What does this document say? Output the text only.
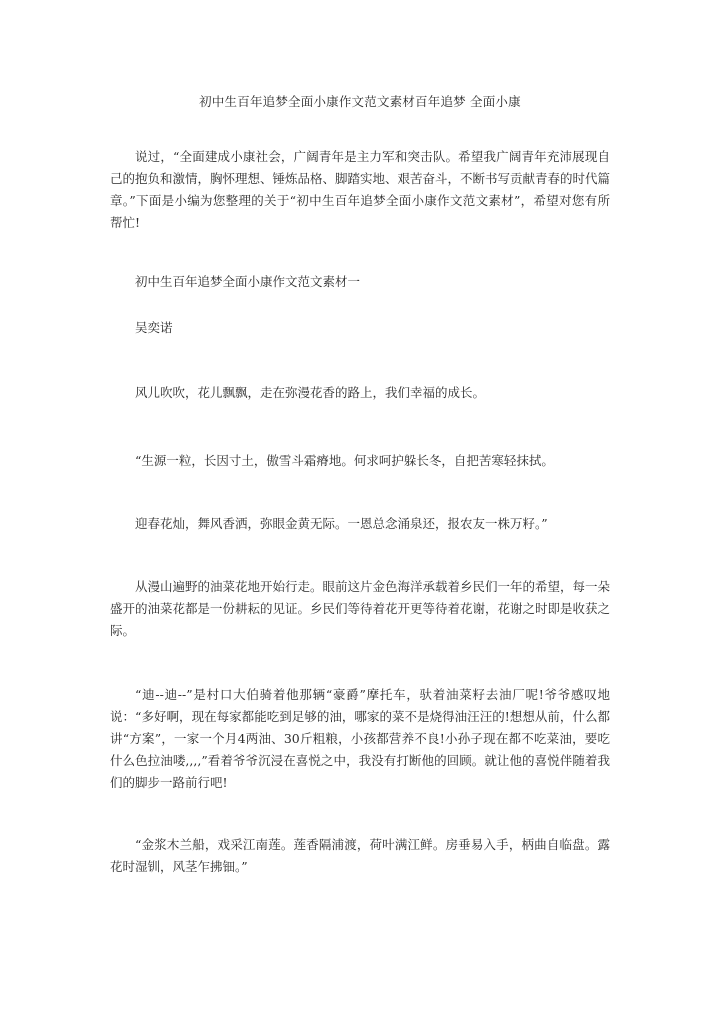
初中生百年追梦全面小康作文范文素材百年追梦 全面小康
说过，“全面建成小康社会，广阔青年是主力军和突击队。希望我广阔青年充沛展现自己的抱负和激情，胸怀理想、锤炼品格、脚踏实地、艰苦奋斗，不断书写贡献青春的时代篇章。”下面是小编为您整理的关于“初中生百年追梦全面小康作文范文素材”，希望对您有所帮忙!
初中生百年追梦全面小康作文范文素材一
吴奕诺
风儿吹吹，花儿飘飘，走在弥漫花香的路上，我们幸福的成长。
“生源一粒，长因寸土，傲雪斗霜瘠地。何求呵护躲长冬，自把苦寒轻抹拭。
迎春花灿，舞风香洒，弥眼金黄无际。一恩总念涌泉还，报农友一株万籽。”
从漫山遍野的油菜花地开始行走。眼前这片金色海洋承载着乡民们一年的希望，每一朵盛开的油菜花都是一份耕耘的见证。乡民们等待着花开更等待着花谢，花谢之时即是收获之际。
“迪--迪--”是村口大伯骑着他那辆“豪爵”摩托车，驮着油菜籽去油厂呢!爷爷感叹地说：“多好啊，现在每家都能吃到足够的油，哪家的菜不是烧得油汪汪的!想想从前，什么都讲“方案”，一家一个月4两油、30斤粗粮，小孩都营养不良!小孙子现在都不吃菜油，要吃什么色拉油喽,,,,”看着爷爷沉浸在喜悦之中，我没有打断他的回顾。就让他的喜悦伴随着我们的脚步一路前行吧!
“金浆木兰船，戏采江南莲。莲香隔浦渡，荷叶满江鲜。房垂易入手，柄曲自临盘。露花时湿钏，风茎乍拂钿。”
